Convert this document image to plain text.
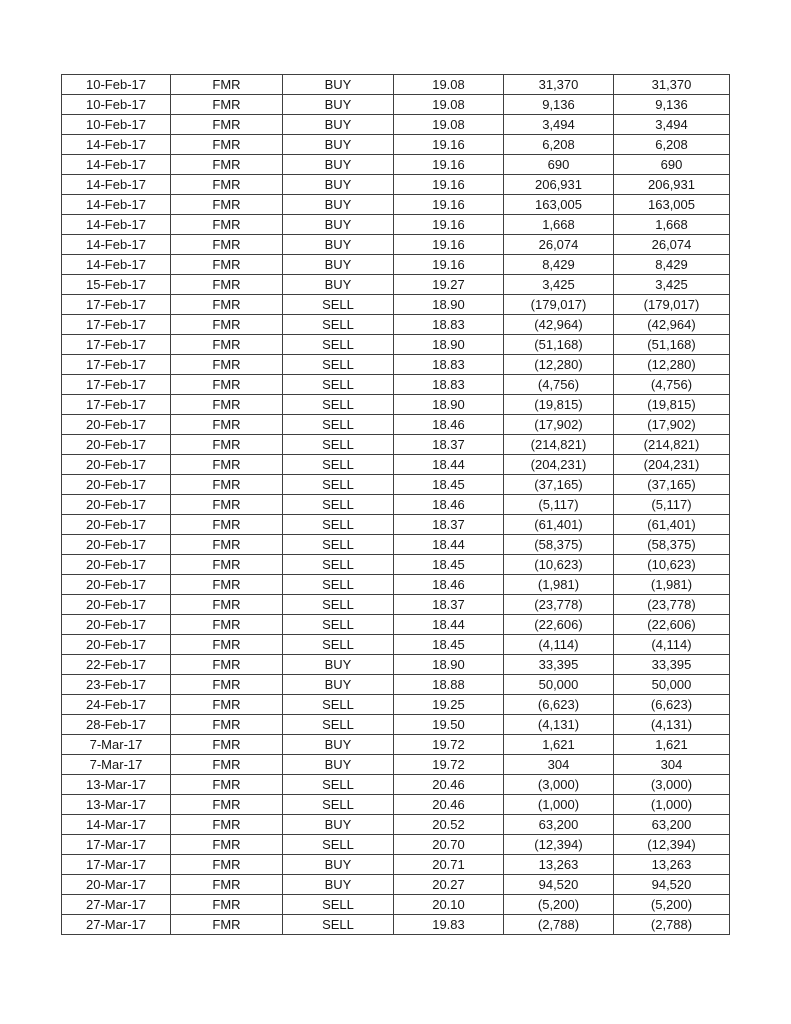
10-Feb-17	FMR	BUY	19.08	31,370	31,370
10-Feb-17	FMR	BUY	19.08	9,136	9,136
10-Feb-17	FMR	BUY	19.08	3,494	3,494
14-Feb-17	FMR	BUY	19.16	6,208	6,208
14-Feb-17	FMR	BUY	19.16	690	690
14-Feb-17	FMR	BUY	19.16	206,931	206,931
14-Feb-17	FMR	BUY	19.16	163,005	163,005
14-Feb-17	FMR	BUY	19.16	1,668	1,668
14-Feb-17	FMR	BUY	19.16	26,074	26,074
14-Feb-17	FMR	BUY	19.16	8,429	8,429
15-Feb-17	FMR	BUY	19.27	3,425	3,425
17-Feb-17	FMR	SELL	18.90	(179,017)	(179,017)
17-Feb-17	FMR	SELL	18.83	(42,964)	(42,964)
17-Feb-17	FMR	SELL	18.90	(51,168)	(51,168)
17-Feb-17	FMR	SELL	18.83	(12,280)	(12,280)
17-Feb-17	FMR	SELL	18.83	(4,756)	(4,756)
17-Feb-17	FMR	SELL	18.90	(19,815)	(19,815)
20-Feb-17	FMR	SELL	18.46	(17,902)	(17,902)
20-Feb-17	FMR	SELL	18.37	(214,821)	(214,821)
20-Feb-17	FMR	SELL	18.44	(204,231)	(204,231)
20-Feb-17	FMR	SELL	18.45	(37,165)	(37,165)
20-Feb-17	FMR	SELL	18.46	(5,117)	(5,117)
20-Feb-17	FMR	SELL	18.37	(61,401)	(61,401)
20-Feb-17	FMR	SELL	18.44	(58,375)	(58,375)
20-Feb-17	FMR	SELL	18.45	(10,623)	(10,623)
20-Feb-17	FMR	SELL	18.46	(1,981)	(1,981)
20-Feb-17	FMR	SELL	18.37	(23,778)	(23,778)
20-Feb-17	FMR	SELL	18.44	(22,606)	(22,606)
20-Feb-17	FMR	SELL	18.45	(4,114)	(4,114)
22-Feb-17	FMR	BUY	18.90	33,395	33,395
23-Feb-17	FMR	BUY	18.88	50,000	50,000
24-Feb-17	FMR	SELL	19.25	(6,623)	(6,623)
28-Feb-17	FMR	SELL	19.50	(4,131)	(4,131)
7-Mar-17	FMR	BUY	19.72	1,621	1,621
7-Mar-17	FMR	BUY	19.72	304	304
13-Mar-17	FMR	SELL	20.46	(3,000)	(3,000)
13-Mar-17	FMR	SELL	20.46	(1,000)	(1,000)
14-Mar-17	FMR	BUY	20.52	63,200	63,200
17-Mar-17	FMR	SELL	20.70	(12,394)	(12,394)
17-Mar-17	FMR	BUY	20.71	13,263	13,263
20-Mar-17	FMR	BUY	20.27	94,520	94,520
27-Mar-17	FMR	SELL	20.10	(5,200)	(5,200)
27-Mar-17	FMR	SELL	19.83	(2,788)	(2,788)
